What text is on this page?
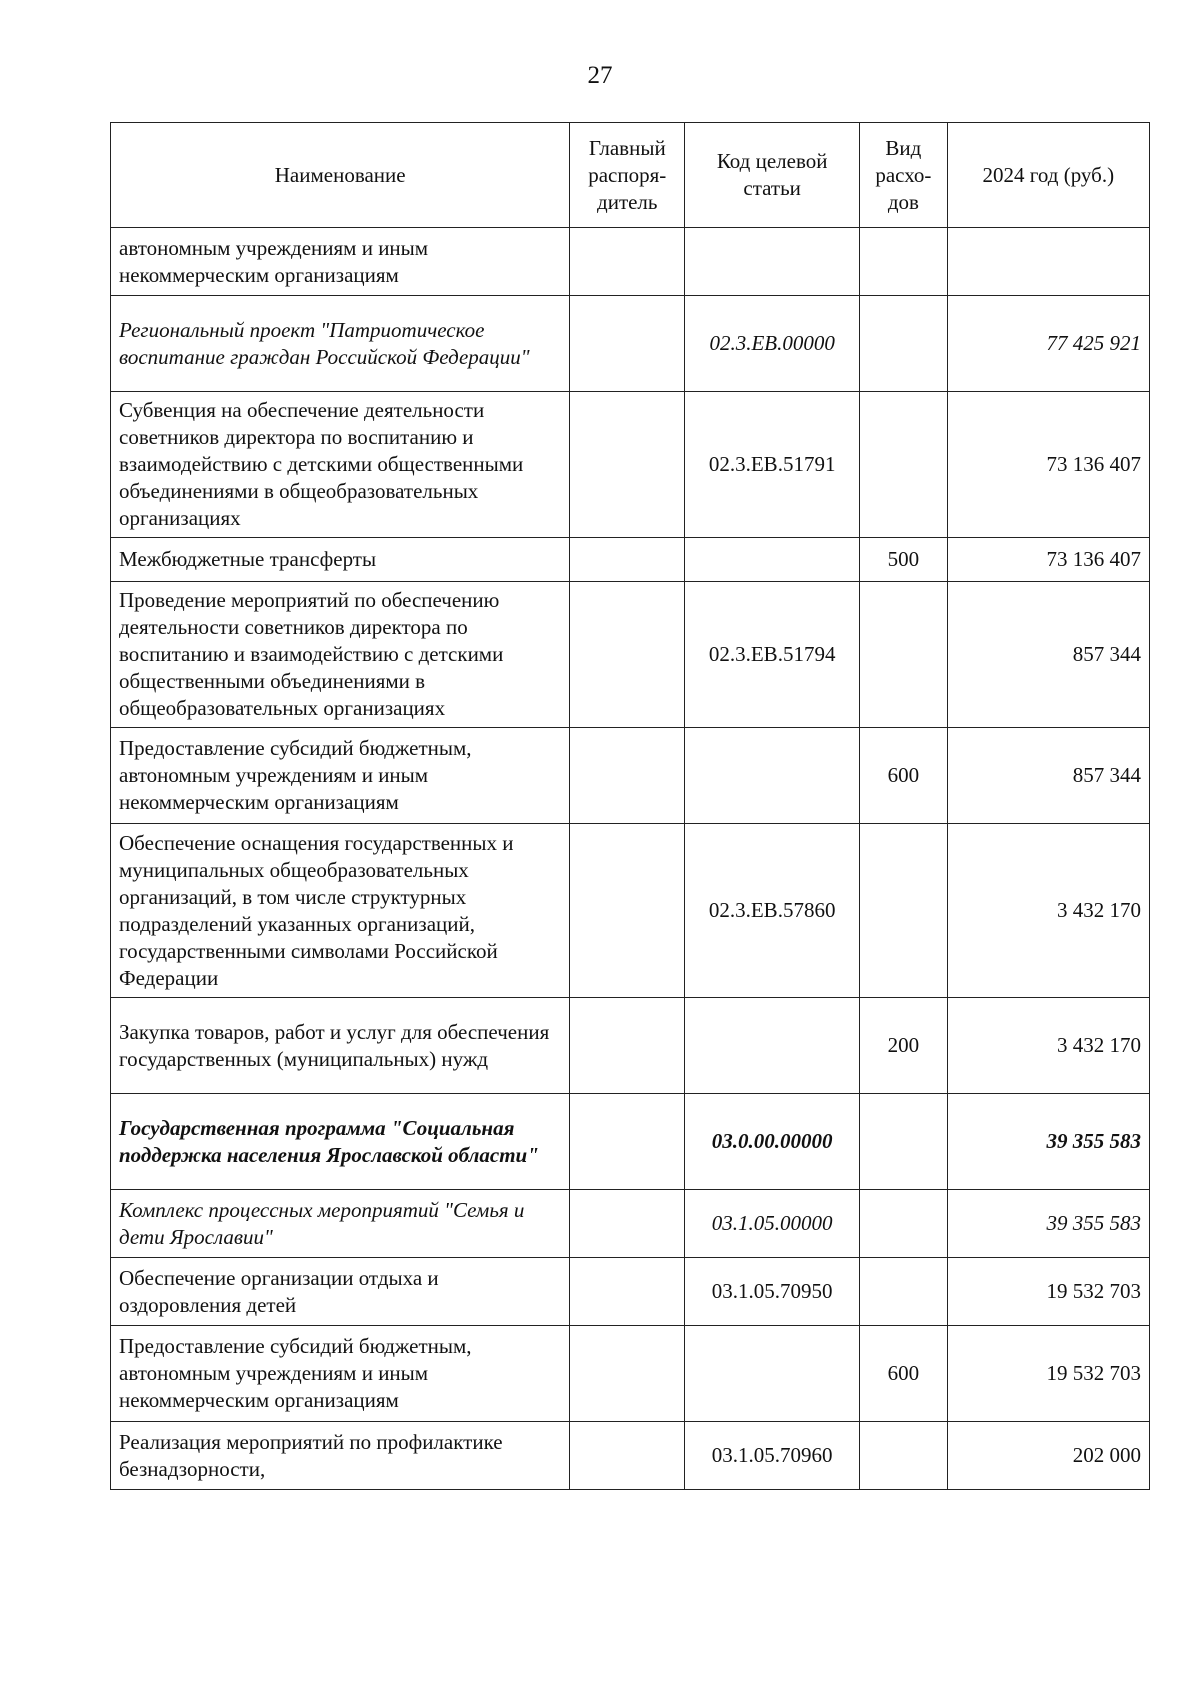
27
Наименование	Главный распоря-дитель	Код целевой статьи	Вид расхо-дов	2024 год (руб.)
автономным учреждениям и иным некоммерческим организациям				
Региональный проект "Патриотическое воспитание граждан Российской Федерации"		02.3.ЕВ.00000		77 425 921
Субвенция на обеспечение деятельности советников директора по воспитанию и взаимодействию с детскими общественными объединениями в общеобразовательных организациях		02.3.ЕВ.51791		73 136 407
Межбюджетные трансферты			500	73 136 407
Проведение мероприятий по обеспечению деятельности советников директора по воспитанию и взаимодействию с детскими общественными объединениями в общеобразовательных организациях		02.3.ЕВ.51794		857 344
Предоставление субсидий бюджетным, автономным учреждениям и иным некоммерческим организациям			600	857 344
Обеспечение оснащения государственных и муниципальных общеобразовательных организаций, в том числе структурных подразделений указанных организаций, государственными символами Российской Федерации		02.3.ЕВ.57860		3 432 170
Закупка товаров, работ и услуг для обеспечения государственных (муниципальных) нужд			200	3 432 170
Государственная программа "Социальная поддержка населения Ярославской области"		03.0.00.00000		39 355 583
Комплекс процессных мероприятий "Семья и дети Ярославии"		03.1.05.00000		39 355 583
Обеспечение организации отдыха и оздоровления детей		03.1.05.70950		19 532 703
Предоставление субсидий бюджетным, автономным учреждениям и иным некоммерческим организациям			600	19 532 703
Реализация мероприятий по профилактике безнадзорности,		03.1.05.70960		202 000
